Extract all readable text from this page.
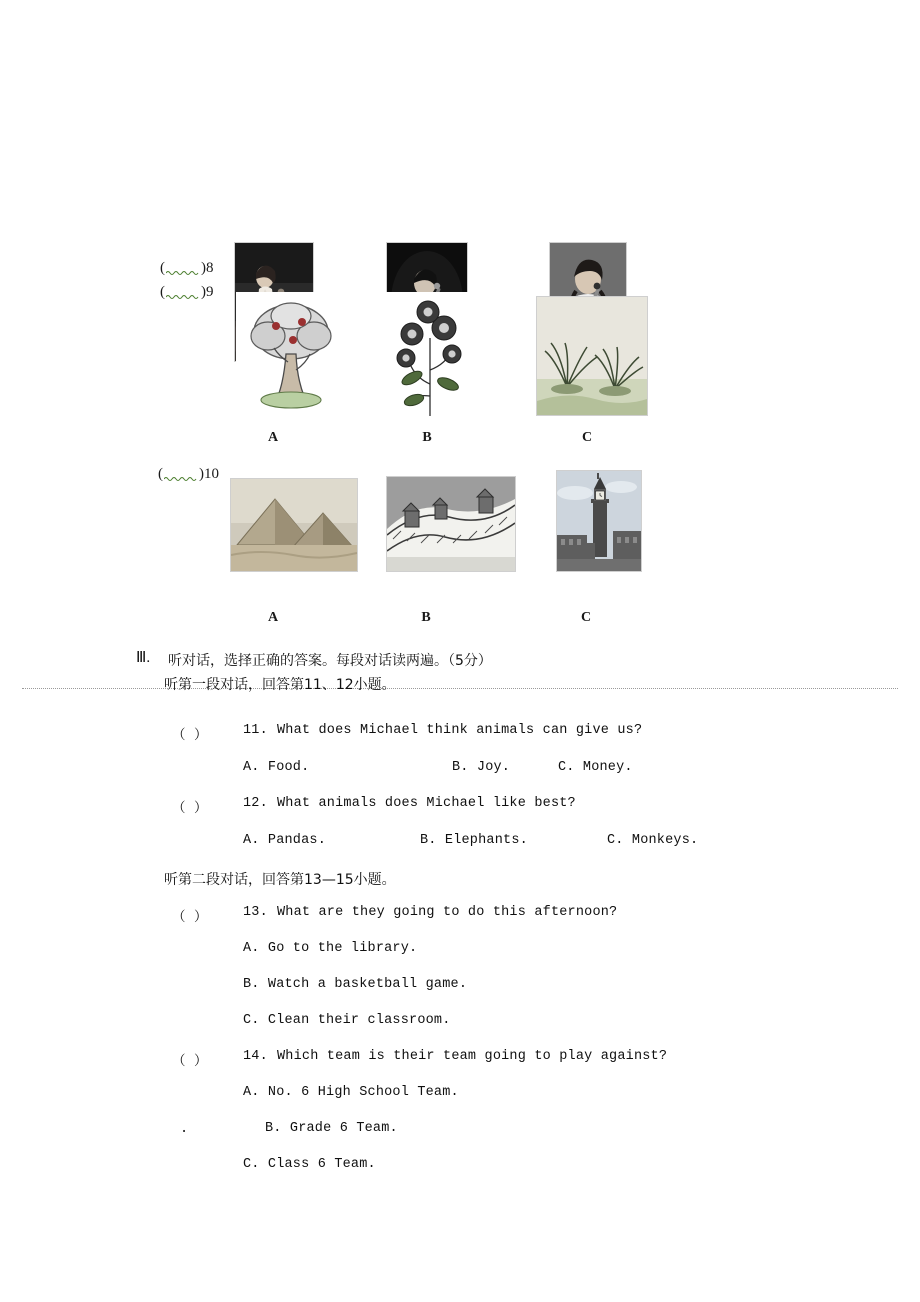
( )8
( )9
A	B	C
( )10
A	B	C
Ⅲ. 听对话，选择正确的答案。每段对话读两遍。（5分）
听第一段对话，回答第11、12小题。
（ ）	11. What does Michael think animals can give us?
A. Food.	B. Joy.	C. Money.
（ ）	12. What animals does Michael like best?
A. Pandas.	B. Elephants.	C. Monkeys.
听第二段对话，回答第13—15小题。
（ ）	13. What are they going to do this afternoon?
A. Go to the library.
B. Watch a basketball game.
C. Clean their classroom.
（ ）	14. Which team is their team going to play against?
A. No. 6 High School Team.
B. Grade 6 Team.
C. Class 6 Team.
.
